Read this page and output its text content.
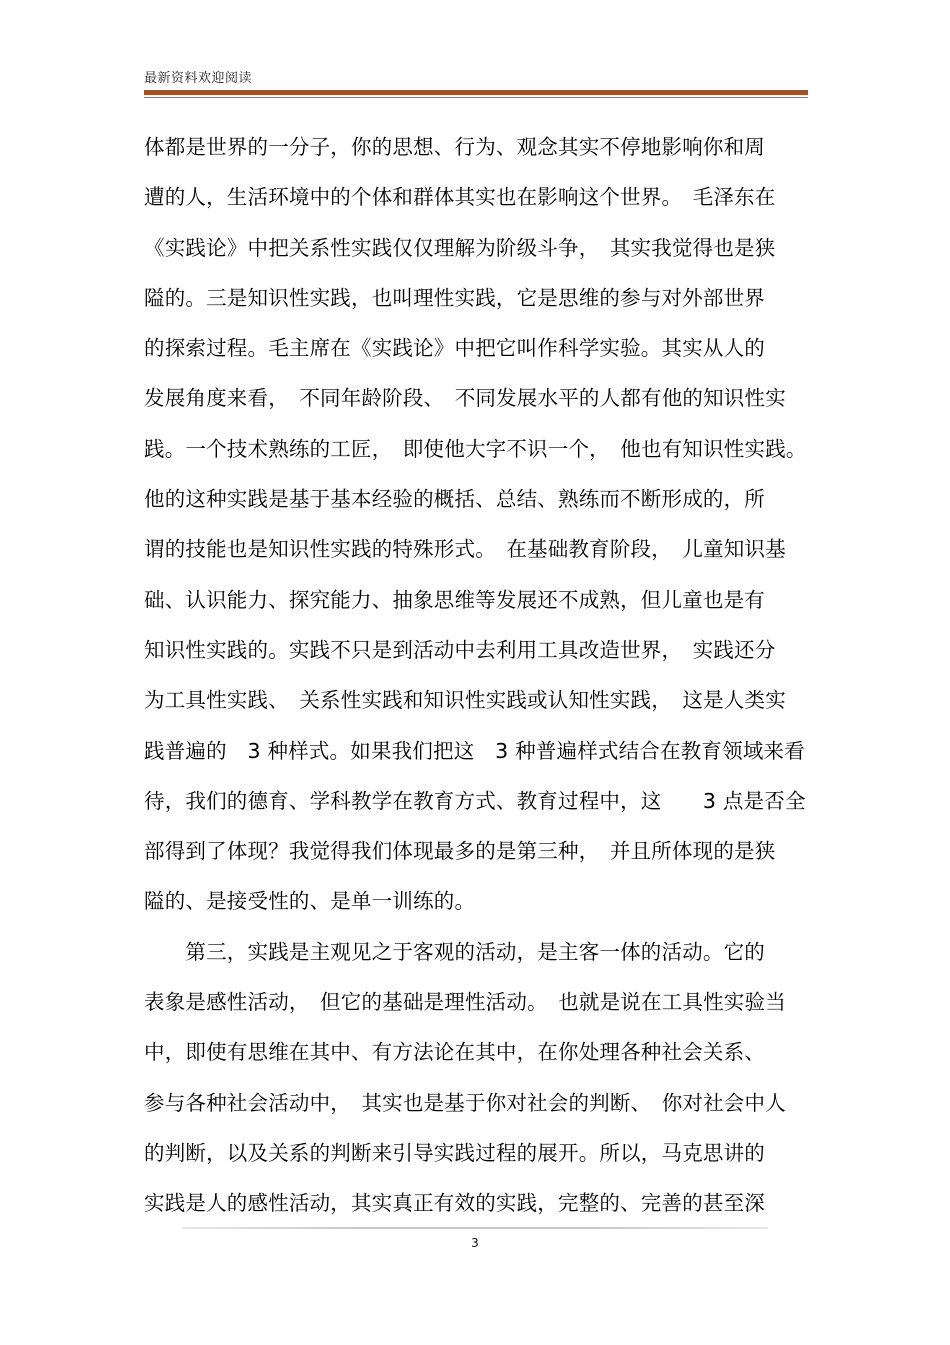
最新资料欢迎阅读
体都是世界的一分子，你的思想、行为、观念其实不停地影响你和周
遭的人，生活环境中的个体和群体其实也在影响这个世界。　毛泽东在
《实践论》中把关系性实践仅仅理解为阶级斗争，　其实我觉得也是狭
隘的。三是知识性实践，也叫理性实践，它是思维的参与对外部世界
的探索过程。毛主席在《实践论》中把它叫作科学实验。其实从人的
发展角度来看，　不同年龄阶段、　不同发展水平的人都有他的知识性实
践。一个技术熟练的工匠，　即使他大字不识一个，　他也有知识性实践。
他的这种实践是基于基本经验的概括、总结、熟练而不断形成的，所
谓的技能也是知识性实践的特殊形式。　在基础教育阶段，　儿童知识基
础、认识能力、探究能力、抽象思维等发展还不成熟，但儿童也是有
知识性实践的。实践不只是到活动中去利用工具改造世界，　实践还分
为工具性实践、　关系性实践和知识性实践或认知性实践，　这是人类实
践普遍的　3 种样式。如果我们把这　3 种普遍样式结合在教育领域来看
待，我们的德育、学科教学在教育方式、教育过程中，这　　3 点是否全
部得到了体现？我觉得我们体现最多的是第三种，　并且所体现的是狭
隘的、是接受性的、是单一训练的。
　　第三，实践是主观见之于客观的活动，是主客一体的活动。它的
表象是感性活动，　但它的基础是理性活动。　也就是说在工具性实验当
中，即使有思维在其中、有方法论在其中，在你处理各种社会关系、
参与各种社会活动中，　其实也是基于你对社会的判断、　你对社会中人
的判断，以及关系的判断来引导实践过程的展开。所以，马克思讲的
实践是人的感性活动，其实真正有效的实践，完整的、完善的甚至深
3
